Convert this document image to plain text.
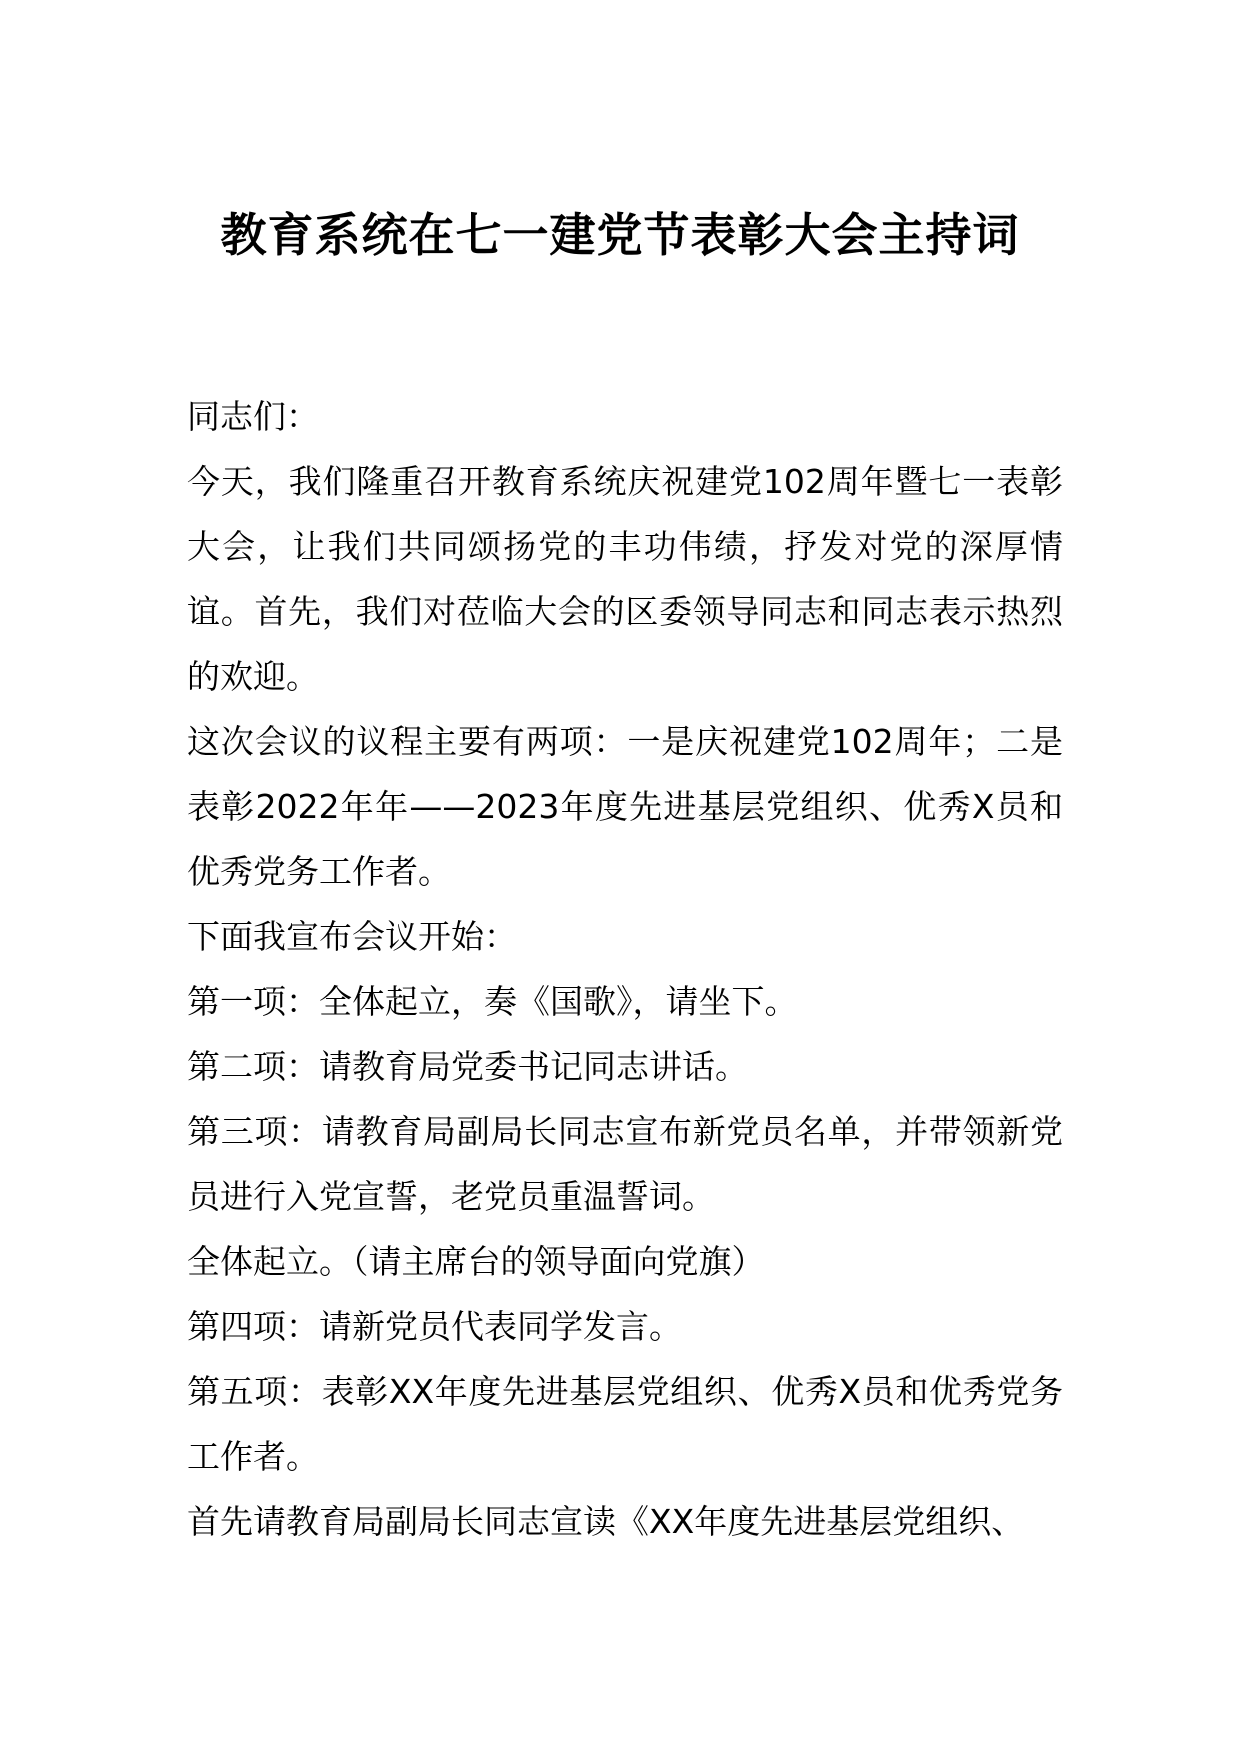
教育系统在七一建党节表彰大会主持词

同志们：

今天，我们隆重召开教育系统庆祝建党102周年暨七一表彰大会，让我们共同颂扬党的丰功伟绩，抒发对党的深厚情谊。首先，我们对莅临大会的区委领导同志和同志表示热烈的欢迎。

这次会议的议程主要有两项：一是庆祝建党102周年；二是表彰2022年年——2023年度先进基层党组织、优秀X员和优秀党务工作者。

下面我宣布会议开始：

第一项：全体起立，奏《国歌》，请坐下。

第二项：请教育局党委书记同志讲话。

第三项：请教育局副局长同志宣布新党员名单，并带领新党员进行入党宣誓，老党员重温誓词。

全体起立。（请主席台的领导面向党旗）

第四项：请新党员代表同学发言。

第五项：表彰XX年度先进基层党组织、优秀X员和优秀党务工作者。

首先请教育局副局长同志宣读《XX年度先进基层党组织、
